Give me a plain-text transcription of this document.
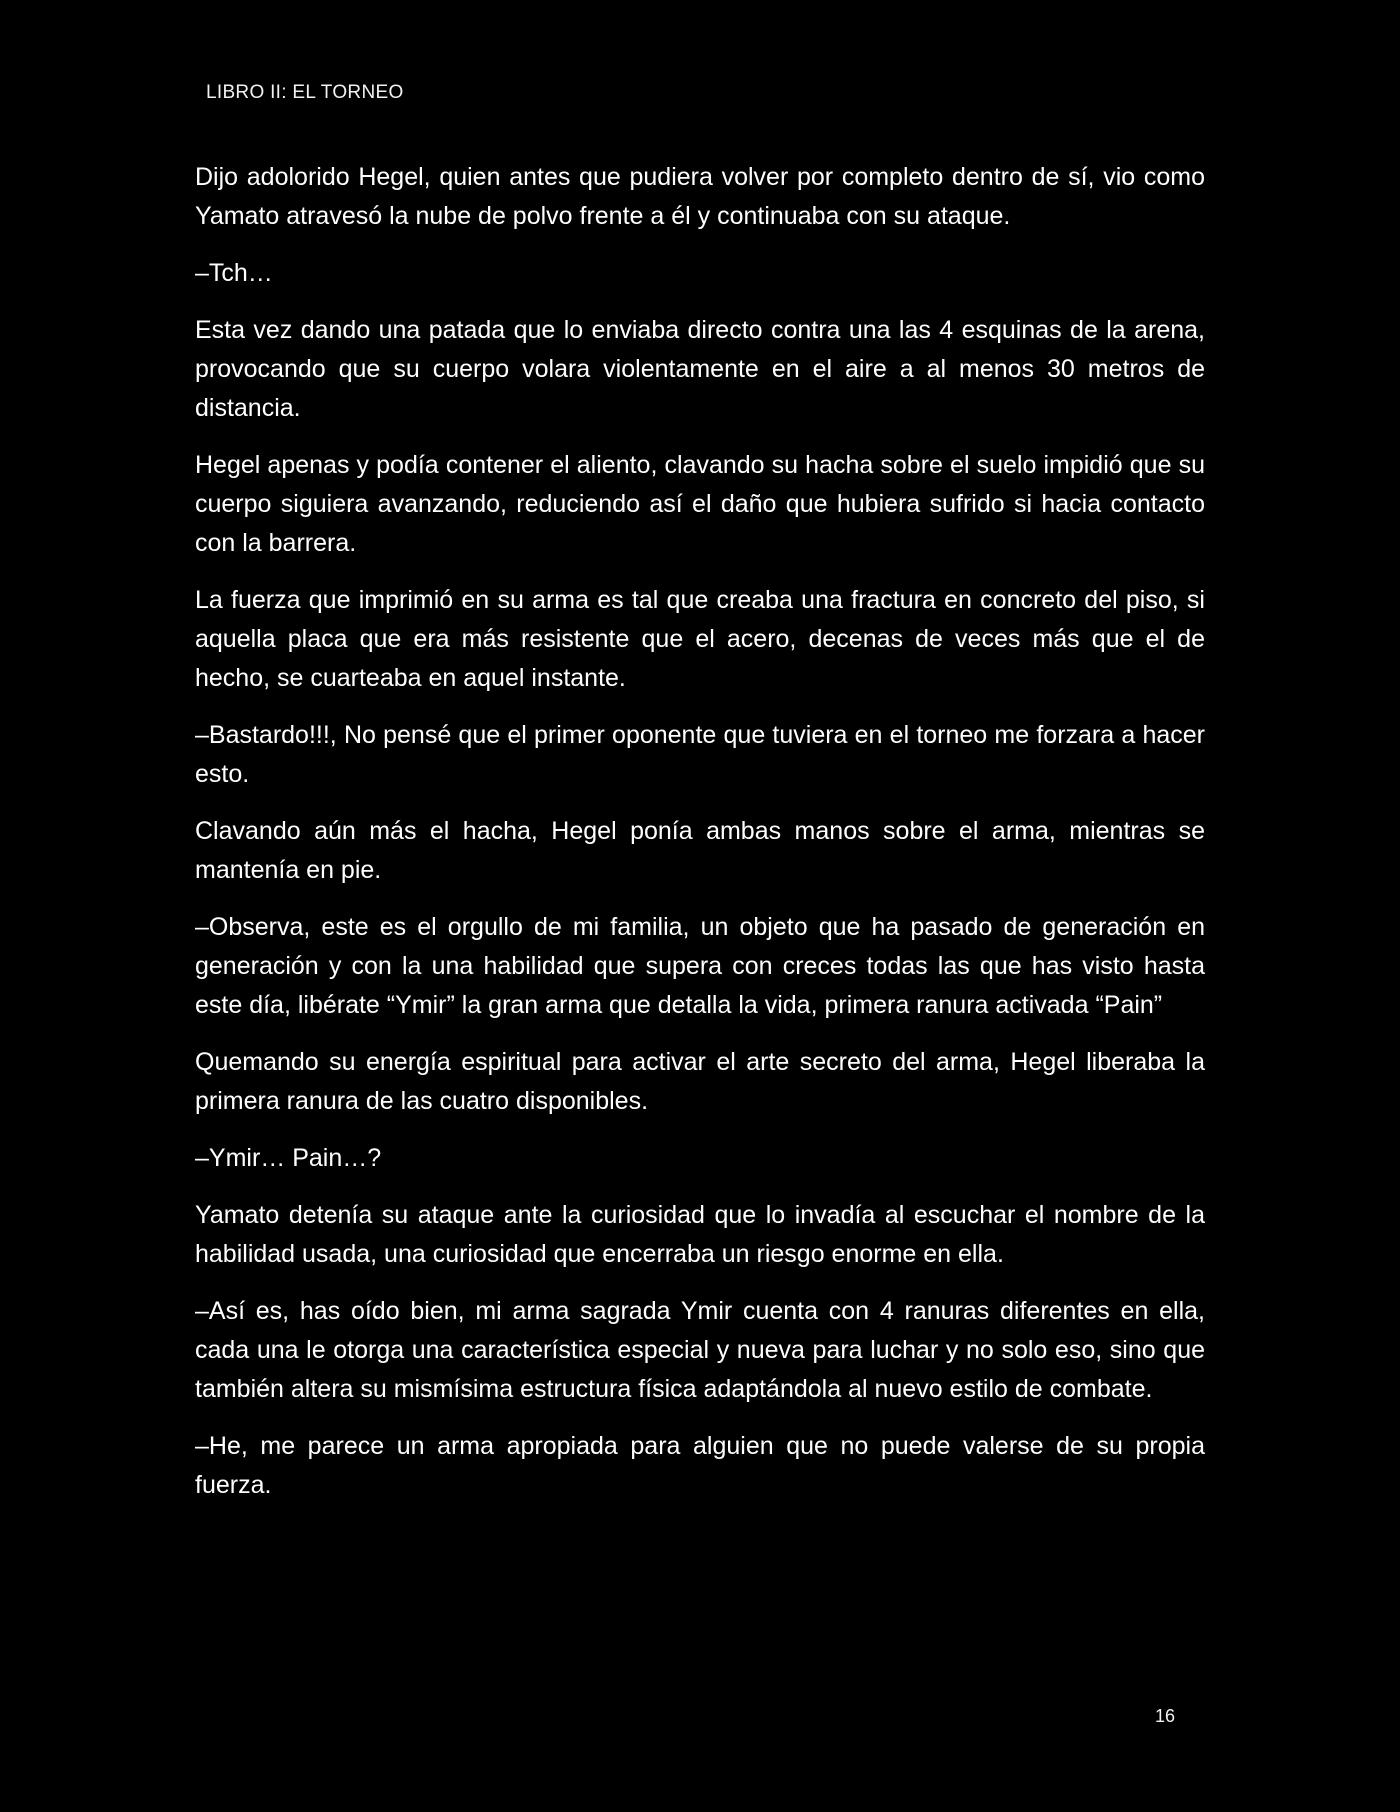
LIBRO II: EL TORNEO

Dijo adolorido Hegel, quien antes que pudiera volver por completo dentro de sí, vio como Yamato atravesó la nube de polvo frente a él y continuaba con su ataque.

–Tch…

Esta vez dando una patada que lo enviaba directo contra una las 4 esquinas de la arena, provocando que su cuerpo volara violentamente en el aire a al menos 30 metros de distancia.

Hegel apenas y podía contener el aliento, clavando su hacha sobre el suelo impidió que su cuerpo siguiera avanzando, reduciendo así el daño que hubiera sufrido si hacia contacto con la barrera.

La fuerza que imprimió en su arma es tal que creaba una fractura en concreto del piso, si aquella placa que era más resistente que el acero, decenas de veces más que el de hecho, se cuarteaba en aquel instante.

–Bastardo!!!, No pensé que el primer oponente que tuviera en el torneo me forzara a hacer esto.

Clavando aún más el hacha, Hegel ponía ambas manos sobre el arma, mientras se mantenía en pie.

–Observa, este es el orgullo de mi familia, un objeto que ha pasado de generación en generación y con la una habilidad que supera con creces todas las que has visto hasta este día, libérate “Ymir” la gran arma que detalla la vida, primera ranura activada “Pain”

Quemando su energía espiritual para activar el arte secreto del arma, Hegel liberaba la primera ranura de las cuatro disponibles.

–Ymir… Pain…?

Yamato detenía su ataque ante la curiosidad que lo invadía al escuchar el nombre de la habilidad usada, una curiosidad que encerraba un riesgo enorme en ella.

–Así es, has oído bien, mi arma sagrada Ymir cuenta con 4 ranuras diferentes en ella, cada una le otorga una característica especial y nueva para luchar y no solo eso, sino que también altera su mismísima estructura física adaptándola al nuevo estilo de combate.

–He, me parece un arma apropiada para alguien que no puede valerse de su propia fuerza.

16
